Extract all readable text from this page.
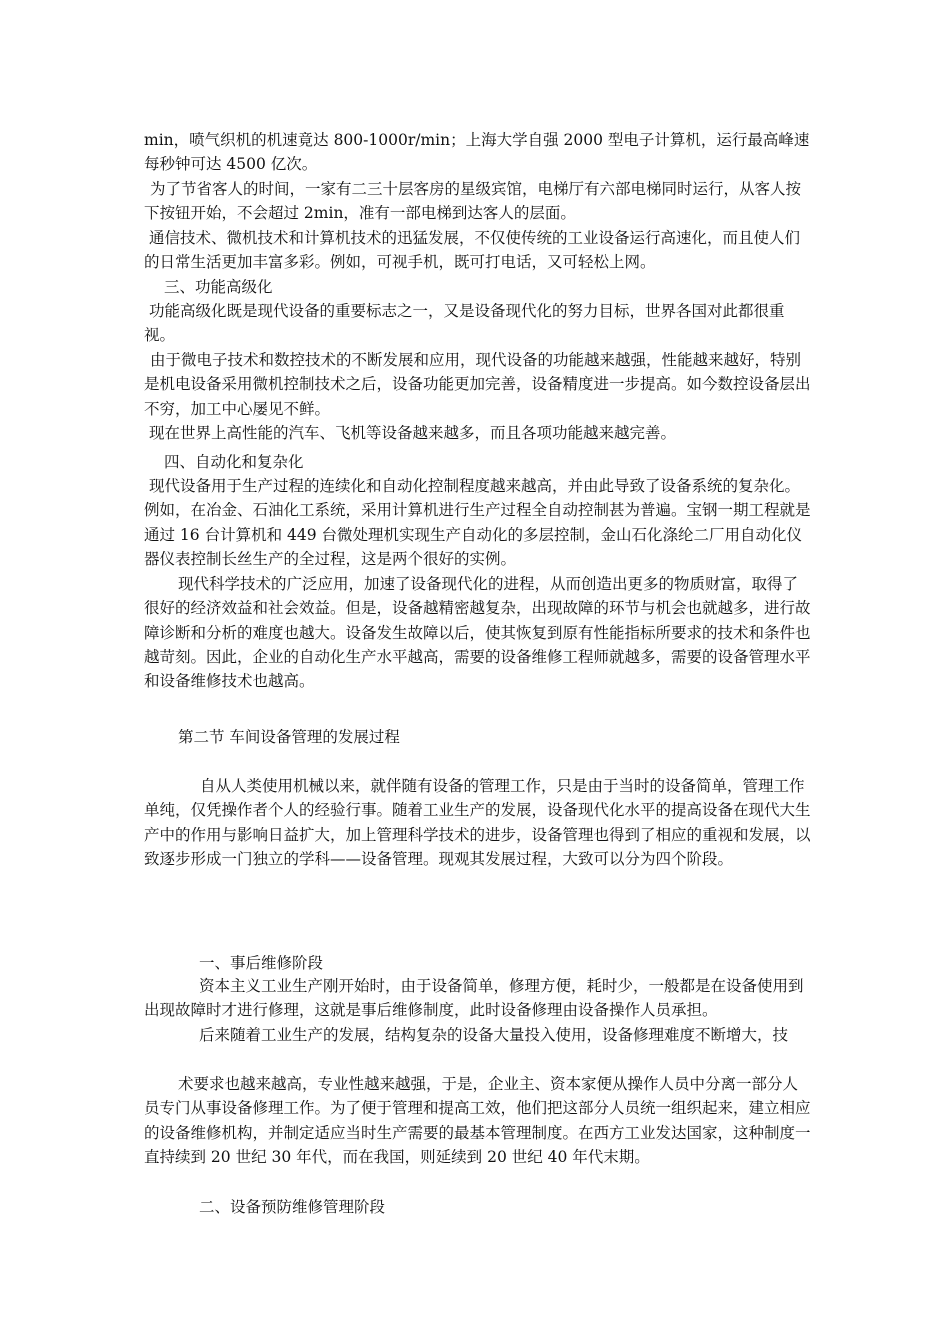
min，喷气织机的机速竟达 800-1000r/min；上海大学自强 2000 型电子计算机，运行最高峰速每秒钟可达 4500 亿次。

为了节省客人的时间，一家有二三十层客房的星级宾馆，电梯厅有六部电梯同时运行，从客人按下按钮开始，不会超过 2min，准有一部电梯到达客人的层面。

通信技术、微机技术和计算机技术的迅猛发展，不仅使传统的工业设备运行高速化，而且使人们的日常生活更加丰富多彩。例如，可视手机，既可打电话，又可轻松上网。

三、功能高级化

功能高级化既是现代设备的重要标志之一，又是设备现代化的努力目标，世界各国对此都很重视。

由于微电子技术和数控技术的不断发展和应用，现代设备的功能越来越强，性能越来越好，特别是机电设备采用微机控制技术之后，设备功能更加完善，设备精度进一步提高。如今数控设备层出不穷，加工中心屡见不鲜。

现在世界上高性能的汽车、飞机等设备越来越多，而且各项功能越来越完善。

四、自动化和复杂化

现代设备用于生产过程的连续化和自动化控制程度越来越高，并由此导致了设备系统的复杂化。例如，在冶金、石油化工系统，采用计算机进行生产过程全自动控制甚为普遍。宝钢一期工程就是通过 16 台计算机和 449 台微处理机实现生产自动化的多层控制，金山石化涤纶二厂用自动化仪器仪表控制长丝生产的全过程，这是两个很好的实例。

现代科学技术的广泛应用，加速了设备现代化的进程，从而创造出更多的物质财富，取得了很好的经济效益和社会效益。但是，设备越精密越复杂，出现故障的环节与机会也就越多，进行故障诊断和分析的难度也越大。设备发生故障以后，使其恢复到原有性能指标所要求的技术和条件也越苛刻。因此，企业的自动化生产水平越高，需要的设备维修工程师就越多，需要的设备管理水平和设备维修技术也越高。

第二节 车间设备管理的发展过程

自从人类使用机械以来，就伴随有设备的管理工作，只是由于当时的设备简单，管理工作单纯，仅凭操作者个人的经验行事。随着工业生产的发展，设备现代化水平的提高设备在现代大生产中的作用与影响日益扩大，加上管理科学技术的进步，设备管理也得到了相应的重视和发展，以致逐步形成一门独立的学科——设备管理。现观其发展过程，大致可以分为四个阶段。

一、事后维修阶段

资本主义工业生产刚开始时，由于设备简单，修理方便，耗时少，一般都是在设备使用到出现故障时才进行修理，这就是事后维修制度，此时设备修理由设备操作人员承担。

后来随着工业生产的发展，结构复杂的设备大量投入使用，设备修理难度不断增大，技

术要求也越来越高，专业性越来越强，于是，企业主、资本家便从操作人员中分离一部分人员专门从事设备修理工作。为了便于管理和提高工效，他们把这部分人员统一组织起来，建立相应的设备维修机构，并制定适应当时生产需要的最基本管理制度。在西方工业发达国家，这种制度一直持续到 20 世纪 30 年代，而在我国，则延续到 20 世纪 40 年代末期。

二、设备预防维修管理阶段
